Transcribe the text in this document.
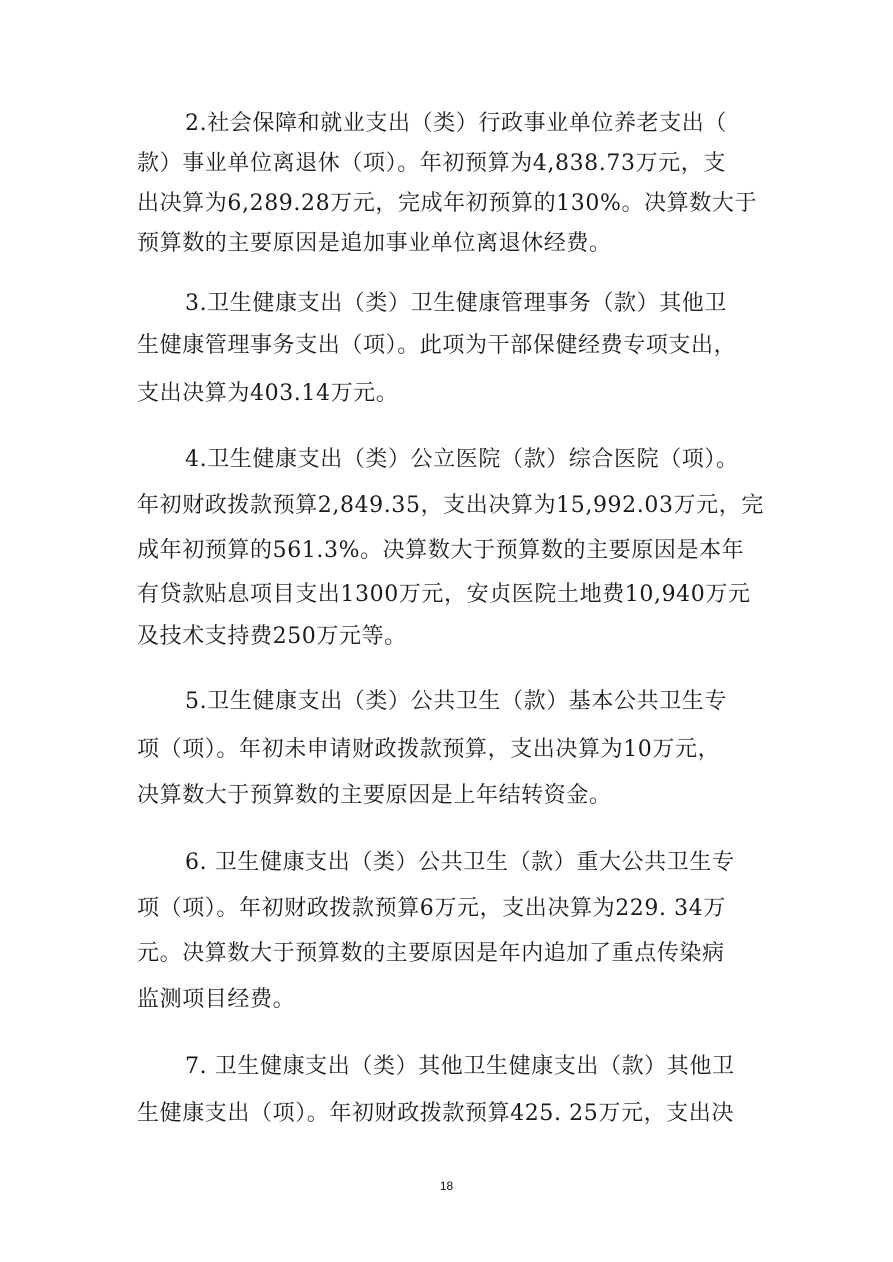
2.社会保障和就业支出（类）行政事业单位养老支出（
款）事业单位离退休（项）。年初预算为4,838.73万元，支
出决算为6,289.28万元，完成年初预算的130%。决算数大于
预算数的主要原因是追加事业单位离退休经费。
3.卫生健康支出（类）卫生健康管理事务（款）其他卫
生健康管理事务支出（项）。此项为干部保健经费专项支出，
支出决算为403.14万元。
4.卫生健康支出（类）公立医院（款）综合医院（项）。
年初财政拨款预算2,849.35，支出决算为15,992.03万元，完
成年初预算的561.3%。决算数大于预算数的主要原因是本年
有贷款贴息项目支出1300万元，安贞医院土地费10,940万元
及技术支持费250万元等。
5.卫生健康支出（类）公共卫生（款）基本公共卫生专
项（项）。年初未申请财政拨款预算，支出决算为10万元，
决算数大于预算数的主要原因是上年结转资金。
6. 卫生健康支出（类）公共卫生（款）重大公共卫生专
项（项）。年初财政拨款预算6万元，支出决算为229. 34万
元。决算数大于预算数的主要原因是年内追加了重点传染病
监测项目经费。
7. 卫生健康支出（类）其他卫生健康支出（款）其他卫
生健康支出（项）。年初财政拨款预算425. 25万元，支出决
18
